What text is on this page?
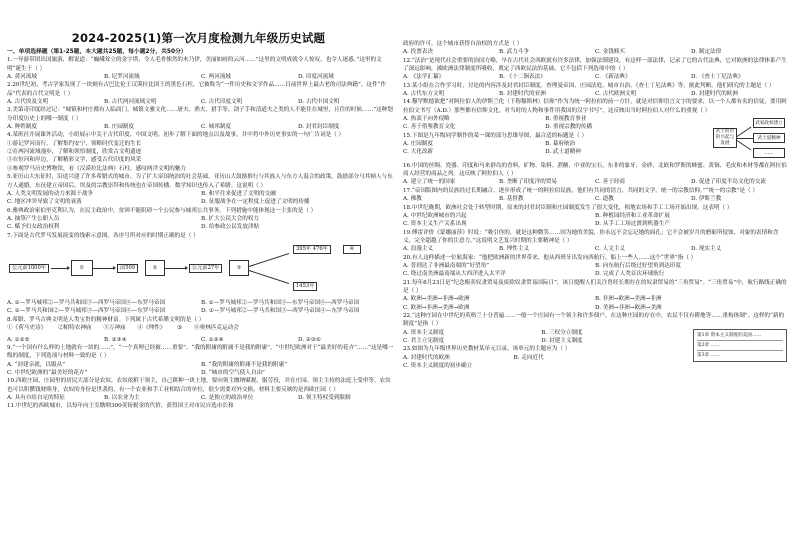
2024-2025(1)第一次月度检测九年级历史试题
一、单项选择题（第1-25题，本大题共25题，每小题2分，共50分）
1.一导游带团出国旅游，解说道：“巍峨耸立的金字塔，令人毛骨悚然的木乃伊，美丽如画的云河……”这里的文明成就令人惊叹，也令人迷惑。”这里的文明“诞生于（ ）
A. 黄河流域	B. 尼罗河流域	C. 两河流域	D. 印度河流域
2.20世纪初，考古学家发现了一块刻有古巴比伦王汉谟拉比国王的黑色石柱，它被称为“一件历史和文学作品……目前世界上最古老的司法典籍”。这件“作品”代表的古代文明是（ ）
A. 古代埃及文明	B. 古代两河流域文明	C. 古代印度文明	D. 古代中国文明
3.美第奇印度经过记：“城镇和村庄都有人临商门，城镇文雅文化……屠夫、渔夫、猎手等、刽子手和清道夫之类的人不能住在城里，且住的时候……”这种划分印度历史上的哪一制度（ ）
A. 种姓制度	B. 庄园制度	C. 城邦制度	D. 封君封臣制度
4.某班社开展课外活动，小组展示中关于古代印度、中国文明。初步了解下面的地点以及故事，并中将中外历史事实的一句广告词是（ ）
①游记罗河而行，了解集约安宁，领略时代变迁的生长
②在两河流域漫步，了解和领悟制度，欣赏古文明遗迹
③在恒河和岸边，了解精彩文学，感受古代印度的风采
④参观罗马历史博物馆，看《汉谟拉比法典》石柱，感叹两洋文明的魅力
5.亚历山大东征时，沿途兴建了许多希腊式的城市。为了扩大帝国统治的社会基础，亚历山大鼓励推行与其族人与东方人混合的政策，鼓励部分马其顿人与东方人通婚，东征建立帝国后，埃及的宗教崇拜和传统也在帝国传播。数学知识也传入了希腊。这说明（ ）
A. 人类文明发展的动力来源于战争	B. 和平往来促进了文明的交融
C. 地区冲突导致了文明的衰落	D. 征服战争在一定程度上促进了文明的传播
6.雅典政治家伯里克利认为，在民主政治中，贫困不能阻碍一个公民参与城邦公共事务。下列措施中能体现这一主张的是（ ）
A. 抽签产生公职人员	B. 扩大公民大会的权力
C. 赋予妇女政治权利	D. 给参政公民发放津贴
7.下面是古代罗马发展演变的线索示意图。各序号所对应的时期正确的是（ ）
公元前1000年	①	前509	②	公元前27年	③
395年 476年
1453年
④
A. ①—罗马城邦②—罗马共和国③—西罗马帝国④—东罗马帝国	B. ①—罗马城邦②—罗马共和国③—东罗马帝国④—西罗马帝国
C. ①—罗马共和国②—罗马城邦③—西罗马帝国④—东罗马帝国	D. ①—罗马城邦②—罗马共和国③—西罗马帝国④—东罗马帝国
8.希腊、罗马古典文明是人类宝贵的精神财富。下列属于古代希腊文明的是（ ）
①《荷马史诗》 ②帕特农神庙 ③万神庙 ④《理性》 ⑤ ⑥奥林匹克运动会
A. ①②⑤	B. ②③④	C. ①②④	D. ②③⑤
9.“一个国有什么样的土地就有一块的……”，“一个真理已经被……重要”。“我的附庸的附庸不是我的附庸”，“中世纪欧洲对于“最美好的花卉”……”这是哪一级的制度，下列选项与材料一致的是（ ）
A. “封建亲就，以服从”	B. “我的附庸的附庸不是我的附庸”
C. 中世纪欧洲的“最美好的花卉”	D. “城市的空气使人自由”
10.西欧庄园，庄园里的居民大部分是农奴，农奴依附于领主，自己耕种一块土地，要向领主缴纳赋税、服劳役，并在庄园、领主主持的法庭上受审等。农奴也可以积攒钱财赎身，农奴的身份是世袭的，有一个农业和手工业相结合的单位，很少需要对外交换。材料主要反映的是西欧庄园（ ）
A. 具有自给自足的特征	B. 以农业为主	C. 是独立的政治单位	D. 领主特权受到限制
11.中世纪的西欧城市，以每年向王室缴纳300英镑税金的代价，获得国王对市民自选市长和
政府的许可。这个城市获得自治权的方式是（ ）
A. 投票表决	B. 武力斗争	C. 金钱赎买	D. 制定法律
12.“法治”是现代社会重要的治国方略，早在古代社会西欧就有许多法律，加强法制建设，有这样一部法律，记录了它的古代法典，它对欧洲的法律体系产生了深远影响，被欧洲法律制度所吸收，奠定了西欧民法的基础。它不包括下列选项中的（ ）
A. 《法学汇纂》	B. 《十二铜表法》	C. 《新法典》	D. 《查士丁尼法典》
13.某小组在合作学习时，讨论的内容涉及封君封臣制度、查理曼帝国、庄园法庭、城市自治、《查士丁尼法典》等。据此判断，他们研究的主题是（ ）
A. 古代东方文明	B. 封建时代的亚洲	C. 古代欧洲文明	D. 封建时代的欧洲
14.穆罕默德欲把“对阿拉伯人的伊斯兰化（下称穆斯林）信仰”作为为统一阿拉伯的前一方针，就是对信仰语言文字的要求，以一个人都有名的信徒，要用阿拉伯文书写（A.D.）那些都有信仰文化。对当时的人物和事件用我国的汉字书写”。这反映出当时阿拉伯人对什么的重视（ ）
A. 热衷于向外侵略	B. 重视教育事业
C. 善于借鉴教育文化	D. 重视宗教的传播
武士阶层的兴起与发展
武家政权建立
武士道精神
……
15.下图是九年级同学制作的某一课的部分思维导图，最合适的标题是（ ）
A. 庄园制度	B. 幕府统治
C. 大化改新	D. 武士道精神
16.中国的丝绸、瓷器、印度和马来群岛的香料、矿物、染料、蔗糖，中亚的宝石，东非的象牙、金砂，北欧和罗斯的蜂蜜、黄铜、毛皮和木材等都在阿拉伯商人经营的商品之列。这反映了阿拉伯人（ ）
A. 建立了统一的国家	B. 垄断了印度洋的贸易	C. 善于经商	D. 促进了印度半岛文化的交流
17.“帝国版图内的民族经过长期融合，逐步形成了统一的阿拉伯民族，他们有共同的语言，共同的文学，统一的宗教信仰。”“统一的宗教”是（ ）
A. 佛教	B. 基督教	C. 道教	D. 伊斯兰教
18.中世纪晚期，欧洲社会处于转型时期，原来的封君封臣制和庄园制度发生了很大变化，租地农场和手工工场开始出现。这表明（ ）
A. 中世纪欧洲城市的兴起	B. 种植园经济和工业革命扩展
C. 资本主义生产关系出现	D. 从手工工场过渡到机器生产
19.傅雷评价《蒙娜丽莎》时说：“吸引你的，就是这种微笑……因为她的美貌，你永远不会忘记她的面孔；它不会被岁月的磨砺所侵蚀，对象的表情和含义，完全超越了你的注意力。”这说明文艺复兴时期的主要精神是（ ）
A. 浪漫主义	B. 理性主义	C. 人文主义	D. 现实主义
20.有人这样描述一位航海家：“他把欧洲新的世界带来，他从西班牙出发向西航行，船上一些人……这个“世界”指（ ）
A. 普到达了非洲最南端的“好望角”	B. 向东航行后绕过好望角到达印度
C. 绕过南美洲最南端从大西洋进入太平洋	D. 完成了人类首次环球航行
21.每年8月23日是“纪念贩卖奴隶贸易及废除奴隶贸易国际日”，该日提醒人们关注曾经长期存在的奴隶贸易的“三角贸易”。“三角贸易”中，航行路线正确的是（ ）
A. 欧洲→美洲→非洲→欧洲	B. 非洲→欧洲→美洲→非洲
C. 欧洲→非洲→美洲→欧洲	D. 美洲→非洲→欧洲→美洲
22.“这种庄园在中世纪的英格兰十分普遍……一般一个庄园有一个领主和许多佃户，在这种庄园的存在中，农民不仅有耕地等……重构体制”。这样的“新的制度”是指（ ）
第1章 资本主义制度的美国……
第2章 ……
第3章 ……
A. 资本主义制度	B. 三权分立制度
C. 君主立宪制度	D. 封建主义制度
23.如图为九年级世界历史教材某单元目录，该单元的主题应为（ ）
A. 封建时代的欧洲	B. 走向近代
C. 资本主义制度的初步确立
